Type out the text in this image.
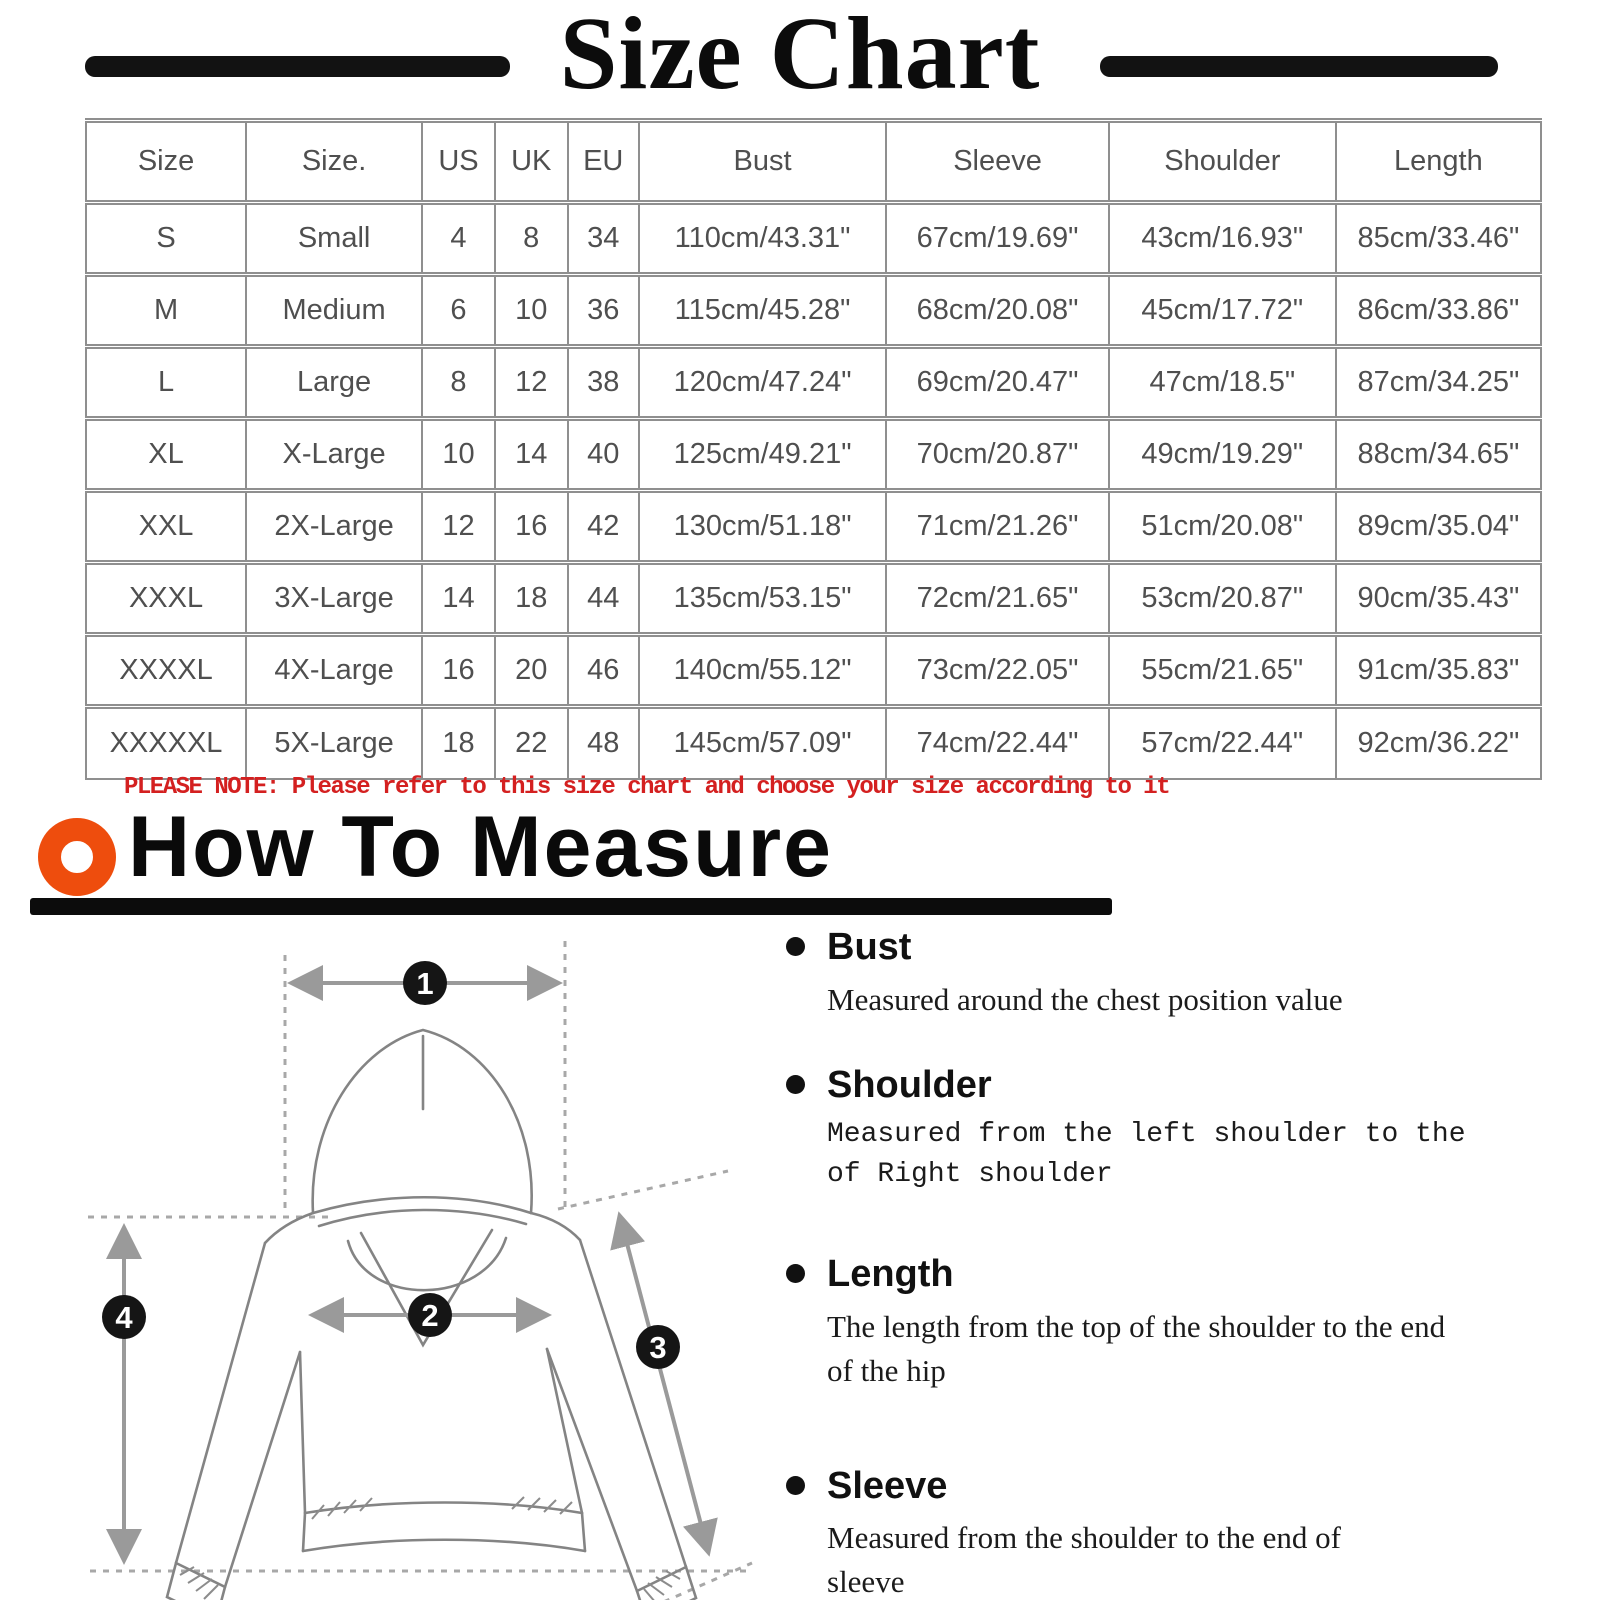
Size Chart
Size	Size.	US	UK	EU	Bust	Sleeve	Shoulder	Length
S	Small	4	8	34	110cm/43.31"	67cm/19.69"	43cm/16.93"	85cm/33.46"
M	Medium	6	10	36	115cm/45.28"	68cm/20.08"	45cm/17.72"	86cm/33.86"
L	Large	8	12	38	120cm/47.24"	69cm/20.47"	47cm/18.5"	87cm/34.25"
XL	X-Large	10	14	40	125cm/49.21"	70cm/20.87"	49cm/19.29"	88cm/34.65"
XXL	2X-Large	12	16	42	130cm/51.18"	71cm/21.26"	51cm/20.08"	89cm/35.04"
XXXL	3X-Large	14	18	44	135cm/53.15"	72cm/21.65"	53cm/20.87"	90cm/35.43"
XXXXL	4X-Large	16	20	46	140cm/55.12"	73cm/22.05"	55cm/21.65"	91cm/35.83"
XXXXXL	5X-Large	18	22	48	145cm/57.09"	74cm/22.44"	57cm/22.44"	92cm/36.22"
PLEASE NOTE: Please refer to this size chart and choose your size according to it
How To Measure
1
2
3
4
Bust
Measured around the chest position value
Shoulder
Measured from the left shoulder to the of Right shoulder
Length
The length from the top of the shoulder to the end of the hip
Sleeve
Measured from the shoulder to the end of sleeve
